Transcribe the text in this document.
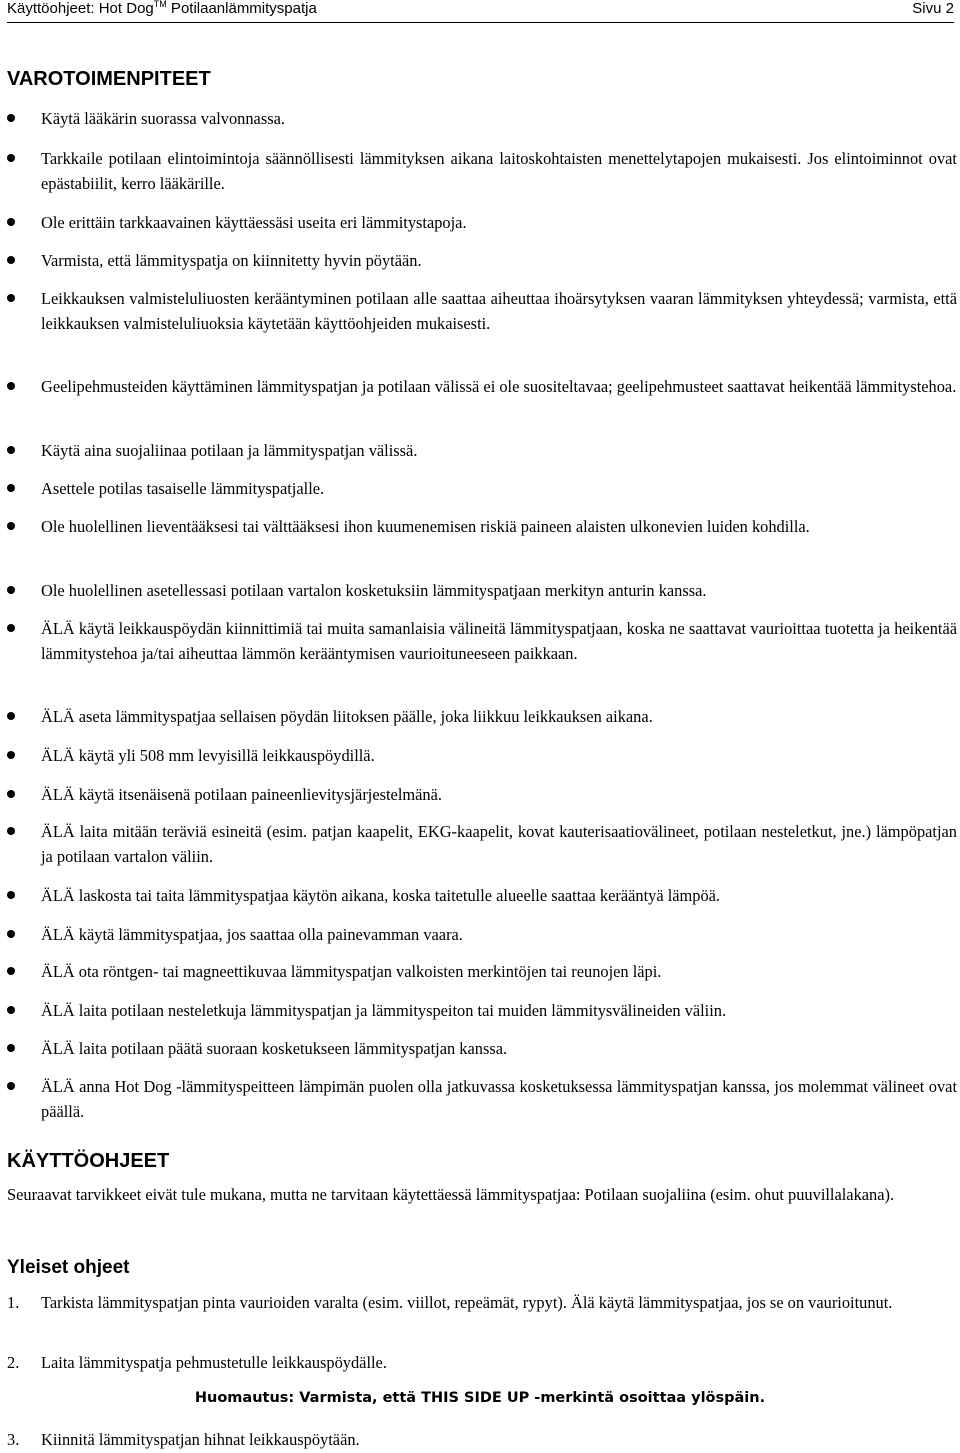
Käyttöohjeet: Hot Dog™ Potilaanlämmityspatja	Sivu 2
VAROTOIMENPITEET
Käytä lääkärin suorassa valvonnassa.
Tarkkaile potilaan elintoimintoja säännöllisesti lämmityksen aikana laitoskohtaisten menettelytapojen mukaisesti. Jos elintoiminnot ovat epästabiilit, kerro lääkärille.
Ole erittäin tarkkaavainen käyttäessäsi useita eri lämmitystapoja.
Varmista, että lämmityspatja on kiinnitetty hyvin pöytään.
Leikkauksen valmisteluliuosten kerääntyminen potilaan alle saattaa aiheuttaa ihoärsytyksen vaaran lämmityksen yhteydessä; varmista, että leikkauksen valmisteluliuoksia käytetään käyttöohjeiden mukaisesti.
Geelipehmusteiden käyttäminen lämmityspatjan ja potilaan välissä ei ole suositeltavaa; geelipehmusteet saattavat heikentää lämmitystehoa.
Käytä aina suojaliinaa potilaan ja lämmityspatjan välissä.
Asettele potilas tasaiselle lämmityspatjalle.
Ole huolellinen lieventääksesi tai välttääksesi ihon kuumenemisen riskiä paineen alaisten ulkonevien luiden kohdilla.
Ole huolellinen asetellessasi potilaan vartalon kosketuksiin lämmityspatjaan merkityn anturin kanssa.
ÄLÄ käytä leikkauspöydän kiinnittimiä tai muita samanlaisia välineitä lämmityspatjaan, koska ne saattavat vaurioittaa tuotetta ja heikentää lämmitystehoa ja/tai aiheuttaa lämmön kerääntymisen vaurioituneeseen paikkaan.
ÄLÄ aseta lämmityspatjaa sellaisen pöydän liitoksen päälle, joka liikkuu leikkauksen aikana.
ÄLÄ käytä yli 508 mm levyisillä leikkauspöydillä.
ÄLÄ käytä itsenäisenä potilaan paineenlievitysjärjestelmänä.
ÄLÄ laita mitään teräviä esineitä (esim. patjan kaapelit, EKG-kaapelit, kovat kauterisaatiovälineet, potilaan nesteletkut, jne.) lämpöpatjan ja potilaan vartalon väliin.
ÄLÄ laskosta tai taita lämmityspatjaa käytön aikana, koska taitetulle alueelle saattaa kerääntyä lämpöä.
ÄLÄ käytä lämmityspatjaa, jos saattaa olla painevamman vaara.
ÄLÄ ota röntgen- tai magneettikuvaa lämmityspatjan valkoisten merkintöjen tai reunojen läpi.
ÄLÄ laita potilaan nesteletkuja lämmityspatjan ja lämmityspeiton tai muiden lämmitysvälineiden väliin.
ÄLÄ laita potilaan päätä suoraan kosketukseen lämmityspatjan kanssa.
ÄLÄ anna Hot Dog -lämmityspeitteen lämpimän puolen olla jatkuvassa kosketuksessa lämmityspatjan kanssa, jos molemmat välineet ovat päällä.
KÄYTTÖOHJEET

Seuraavat tarvikkeet eivät tule mukana, mutta ne tarvitaan käytettäessä lämmityspatjaa: Potilaan suojaliina (esim. ohut puuvillalakana).

Yleiset ohjeet
1. Tarkista lämmityspatjan pinta vaurioiden varalta (esim. viillot, repeämät, rypyt). Älä käytä lämmityspatjaa, jos se on vaurioitunut.
2. Laita lämmityspatja pehmustetulle leikkauspöydälle.
Huomautus: Varmista, että THIS SIDE UP -merkintä osoittaa ylöspäin.
3. Kiinnitä lämmityspatjan hihnat leikkauspöytään.
